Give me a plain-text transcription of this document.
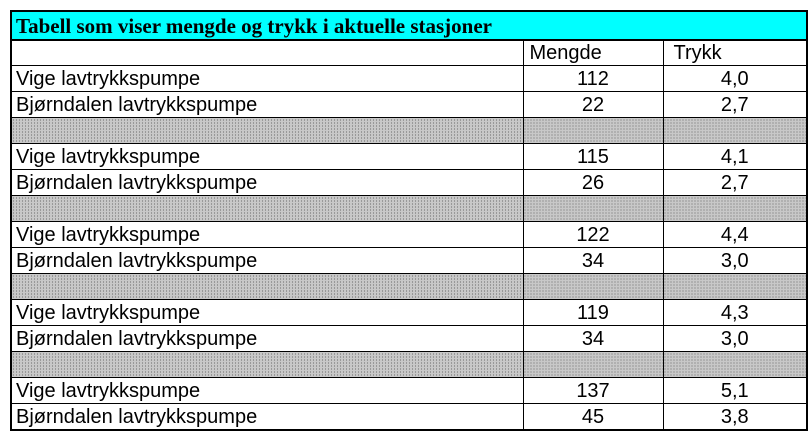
Tabell som viser mengde og trykk i aktuelle stasjoner		
	Mengde	Trykk
Vige lavtrykkspumpe	112	4,0
Bjørndalen lavtrykkspumpe	22	2,7

Vige lavtrykkspumpe	115	4,1
Bjørndalen lavtrykkspumpe	26	2,7

Vige lavtrykkspumpe	122	4,4
Bjørndalen lavtrykkspumpe	34	3,0

Vige lavtrykkspumpe	119	4,3
Bjørndalen lavtrykkspumpe	34	3,0

Vige lavtrykkspumpe	137	5,1
Bjørndalen lavtrykkspumpe	45	3,8
